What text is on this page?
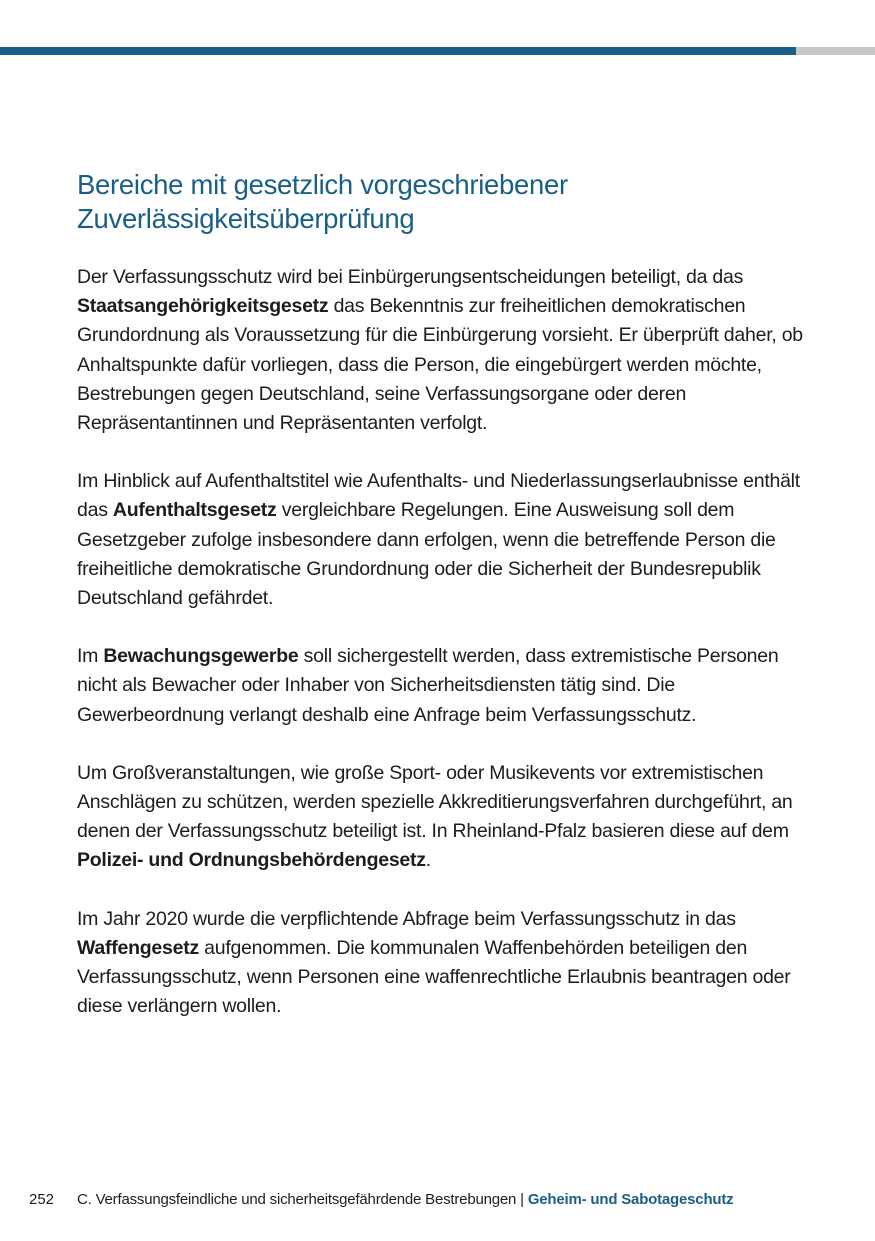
Bereiche mit gesetzlich vorgeschriebener
Zuverlässigkeitsüberprüfung

Der Verfassungsschutz wird bei Einbürgerungsentscheidungen beteiligt, da das Staatsangehörigkeitsgesetz das Bekenntnis zur freiheitlichen demokratischen Grundordnung als Voraussetzung für die Einbürgerung vorsieht. Er überprüft daher, ob Anhaltspunkte dafür vorliegen, dass die Person, die eingebürgert werden möchte, Bestrebungen gegen Deutschland, seine Verfassungsorgane oder deren Repräsentantinnen und Repräsentanten verfolgt.

Im Hinblick auf Aufenthaltstitel wie Aufenthalts- und Niederlassungserlaubnisse enthält das Aufenthaltsgesetz vergleichbare Regelungen. Eine Ausweisung soll dem Gesetzgeber zufolge insbesondere dann erfolgen, wenn die betreffende Person die freiheitliche demokratische Grundordnung oder die Sicherheit der Bundesrepublik Deutschland gefährdet.

Im Bewachungsgewerbe soll sichergestellt werden, dass extremistische Personen nicht als Bewacher oder Inhaber von Sicherheitsdiensten tätig sind. Die Gewerbeordnung verlangt deshalb eine Anfrage beim Verfassungsschutz.

Um Großveranstaltungen, wie große Sport- oder Musikevents vor extremistischen Anschlägen zu schützen, werden spezielle Akkreditierungsverfahren durchgeführt, an denen der Verfassungsschutz beteiligt ist. In Rheinland-Pfalz basieren diese auf dem Polizei- und Ordnungsbehördengesetz.

Im Jahr 2020 wurde die verpflichtende Abfrage beim Verfassungsschutz in das Waffengesetz aufgenommen. Die kommunalen Waffenbehörden beteiligen den Verfassungsschutz, wenn Personen eine waffenrechtliche Erlaubnis beantragen oder diese verlängern wollen.

252 C. Verfassungsfeindliche und sicherheitsgefährdende Bestrebungen | Geheim- und Sabotageschutz
